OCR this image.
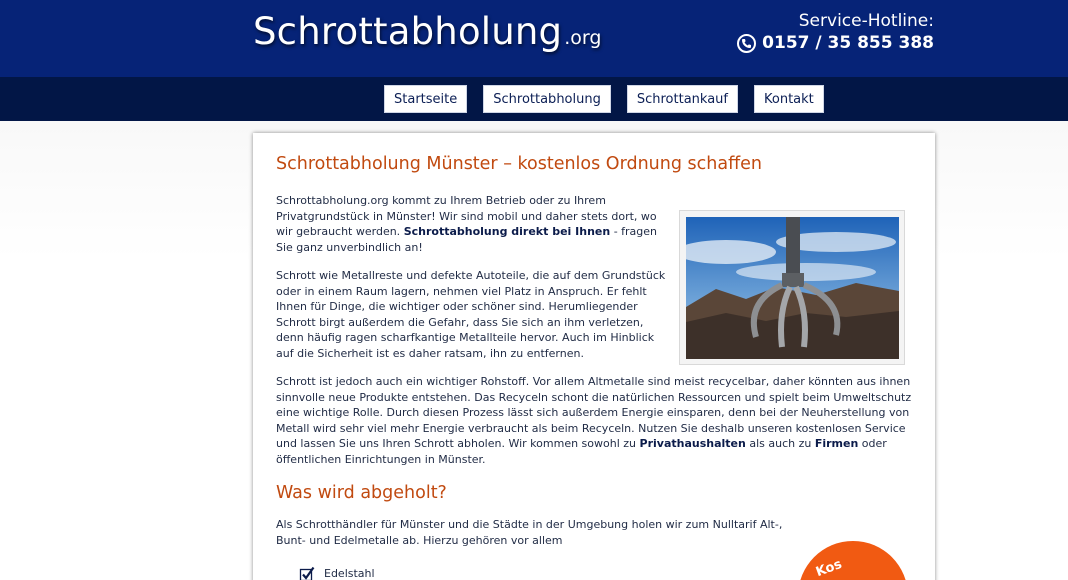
Schrottabholung .org
Service-Hotline:
0157 / 35 855 388
Startseite	Schrottabholung	Schrottankauf	Kontakt
Schrottabholung Münster – kostenlos Ordnung schaffen

Schrottabholung.org kommt zu Ihrem Betrieb oder zu Ihrem Privatgrundstück in Münster! Wir sind mobil und daher stets dort, wo wir gebraucht werden. Schrottabholung direkt bei Ihnen - fragen Sie ganz unverbindlich an!

Schrott wie Metallreste und defekte Autoteile, die auf dem Grundstück oder in einem Raum lagern, nehmen viel Platz in Anspruch. Er fehlt Ihnen für Dinge, die wichtiger oder schöner sind. Herumliegender Schrott birgt außerdem die Gefahr, dass Sie sich an ihm verletzen, denn häufig ragen scharfkantige Metallteile hervor. Auch im Hinblick auf die Sicherheit ist es daher ratsam, ihn zu entfernen.

Schrott ist jedoch auch ein wichtiger Rohstoff. Vor allem Altmetalle sind meist recycelbar, daher könnten aus ihnen sinnvolle neue Produkte entstehen. Das Recyceln schont die natürlichen Ressourcen und spielt beim Umweltschutz eine wichtige Rolle. Durch diesen Prozess lässt sich außerdem Energie einsparen, denn bei der Neuherstellung von Metall wird sehr viel mehr Energie verbraucht als beim Recyceln. Nutzen Sie deshalb unseren kostenlosen Service und lassen Sie uns Ihren Schrott abholen. Wir kommen sowohl zu Privathaushalten als auch zu Firmen oder öffentlichen Einrichtungen in Münster.

Was wird abgeholt?

Als Schrotthändler für Münster und die Städte in der Umgebung holen wir zum Nulltarif Alt-, Bunt- und Edelmetalle ab. Hierzu gehören vor allem

Edelstahl	Kos
